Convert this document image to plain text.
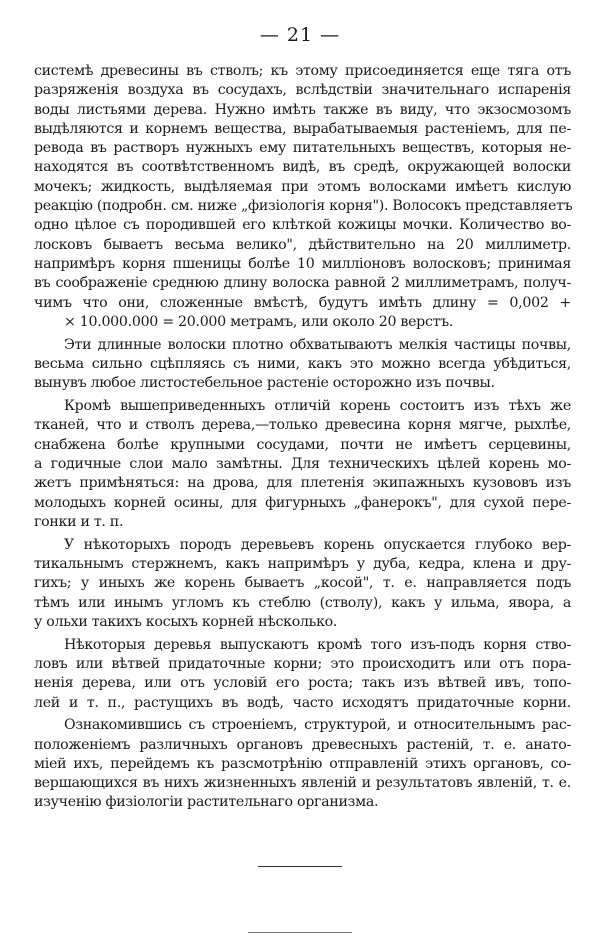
— 21 —

системѣ древесины въ стволъ; къ этому присоединяется еще тяга отъ
разряженія воздуха въ сосудахъ, вслѣдствіи значительнаго испаренія
воды листьями дерева. Нужно имѣть также въ виду, что экзосмозомъ
выдѣляются и корнемъ вещества, вырабатываемыя растеніемъ, для пе-
ревода въ растворъ нужныхъ ему питательныхъ веществъ, которыя не-
находятся въ соотвѣтственномъ видѣ, въ средѣ, окружающей волоски
мочекъ; жидкость, выдѣляемая при этомъ волосками имѣетъ кислую
реакцію (подробн. см. ниже „физіологія корня"). Волосокъ представляетъ
одно цѣлое съ породившей его клѣткой кожицы мочки. Количество во-
лосковъ бываетъ весьма велико", дѣйствительно на 20 миллиметр.
напримѣръ корня пшеницы болѣе 10 милліоновъ волосковъ; принимая
въ соображеніе среднюю длину волоска равной 2 миллиметрамъ, получ-
чимъ что они, сложенные вмѣстѣ, будутъ имѣть длину = 0,002 +
× 10.000.000 = 20.000 метрамъ, или около 20 верстъ.

Эти длинные волоски плотно обхватываютъ мелкія частицы почвы,
весьма сильно сцѣпляясь съ ними, какъ это можно всегда убѣдиться,
вынувъ любое листостебельное растеніе осторожно изъ почвы.

Кромѣ вышеприведенныхъ отличій корень состоитъ изъ тѣхъ же
тканей, что и стволъ дерева,—только древесина корня мягче, рыхлѣе,
снабжена болѣе крупными сосудами, почти не имѣетъ серцевины,
а годичные слои мало замѣтны. Для техническихъ цѣлей корень мо-
жетъ примѣняться: на дрова, для плетенія экипажныхъ кузововъ изъ
молодыхъ корней осины, для фигурныхъ „фанерокъ", для сухой пере-
гонки и т. п.

У нѣкоторыхъ породъ деревьевъ корень опускается глубоко вер-
тикальнымъ стержнемъ, какъ напримѣръ у дуба, кедра, клена и дру-
гихъ; у иныхъ же корень бываетъ „косой", т. е. направляется подъ
тѣмъ или инымъ угломъ къ стеблю (стволу), какъ у ильма, явора, а
у ольхи такихъ косыхъ корней нѣсколько.

Нѣкоторыя деревья выпускаютъ кромѣ того изъ-подъ корня ство-
ловъ или вѣтвей придаточные корни; это происходитъ или отъ пора-
ненія дерева, или отъ условій его роста; такъ изъ вѣтвей ивъ, топо-
лей и т. п., растущихъ въ водѣ, часто исходятъ придаточные корни.

Ознакомившись съ строеніемъ, структурой, и относительнымъ рас-
положеніемъ различныхъ органовъ древесныхъ растеній, т. е. анато-
міей ихъ, перейдемъ къ разсмотрѣнію отправленій этихъ органовъ, со-
вершающихся въ нихъ жизненныхъ явленій и результатовъ явленій, т. е.
изученію физіологіи растительнаго организма.
